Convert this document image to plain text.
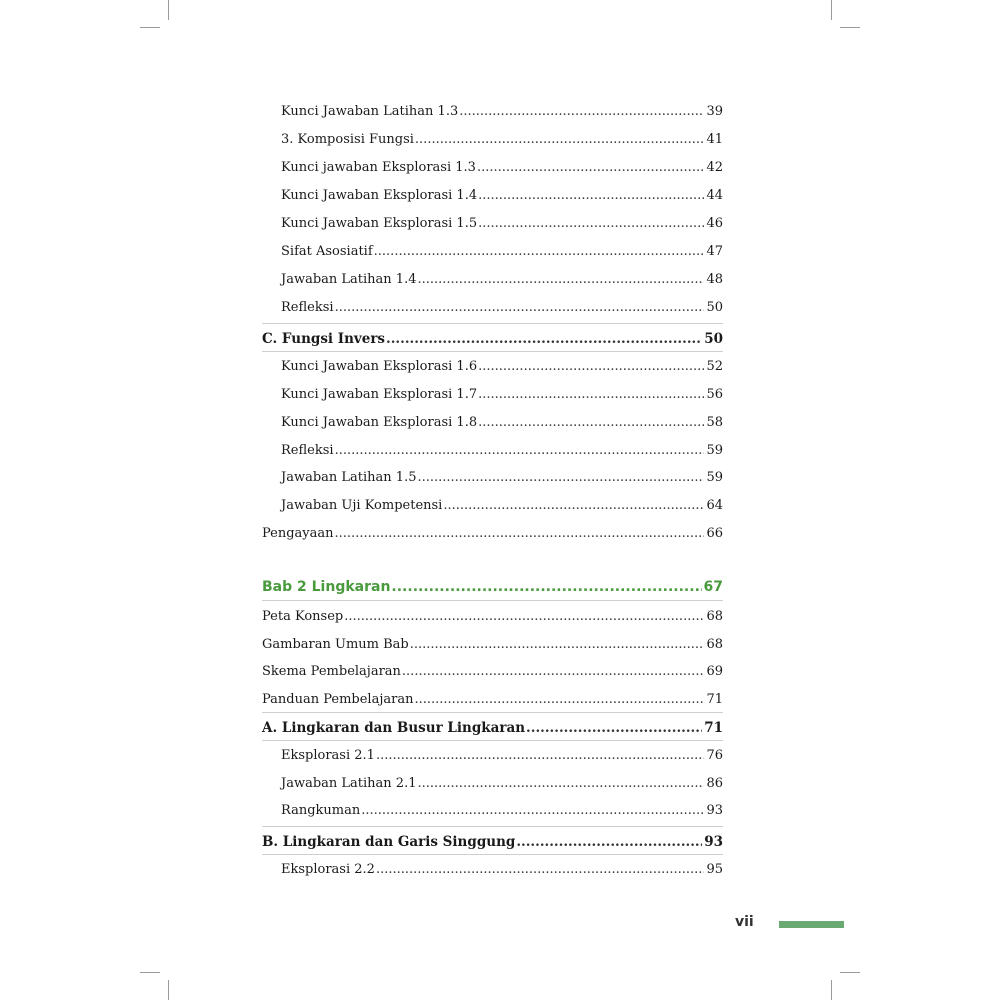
Kunci Jawaban Latihan 1.3 .....	39
3. Komposisi Fungsi .....	41
Kunci jawaban Eksplorasi 1.3 .....	42
Kunci Jawaban Eksplorasi 1.4 .....	44
Kunci Jawaban Eksplorasi 1.5 .....	46
Sifat Asosiatif .....	47
Jawaban Latihan 1.4 .....	48
Refleksi .....	50
C. Fungsi Invers .....	50
Kunci Jawaban Eksplorasi 1.6 .....	52
Kunci Jawaban Eksplorasi 1.7 .....	56
Kunci Jawaban Eksplorasi 1.8 .....	58
Refleksi .....	59
Jawaban Latihan 1.5 .....	59
Jawaban Uji Kompetensi .....	64
Pengayaan .....	66
Bab 2 Lingkaran .....	67
Peta Konsep .....	68
Gambaran Umum Bab .....	68
Skema Pembelajaran .....	69
Panduan Pembelajaran .....	71
A. Lingkaran dan Busur Lingkaran .....	71
Eksplorasi 2.1 .....	76
Jawaban Latihan 2.1 .....	86
Rangkuman .....	93
B. Lingkaran dan Garis Singgung .....	93
Eksplorasi 2.2 .....	95
vii
